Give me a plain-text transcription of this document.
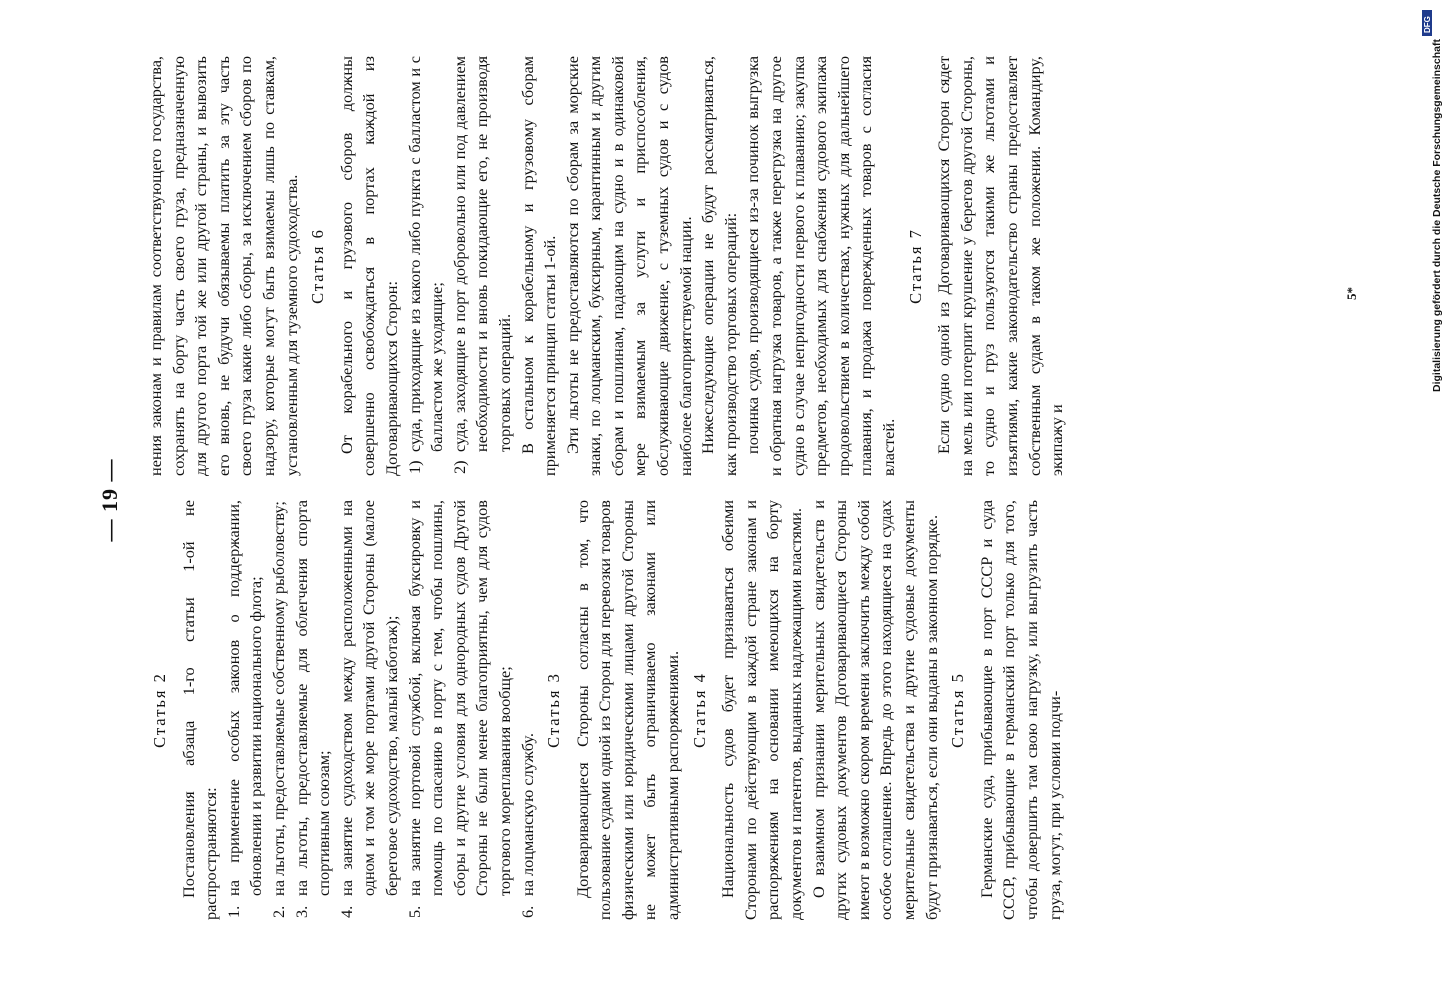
— 19 —
Статья 2 Постановления абзаца 1-го статьи 1-ой не распространяются: 1.на применение особых законов о поддержании, обновлении и развитии национального флота;

2.на льготы, предоставляемые собственному рыболовству;

3.на льготы, предоставляемые для облегчения спорта спортивным союзам;

4.на занятие судоходством между расположенными на одном и том же море портами другой Стороны (малое береговое судоходство, малый каботаж);

5.на занятие портовой службой, включая буксировку и помощь по спасанию в порту с тем, чтобы пошлины, сборы и другие условия для однородных судов Другой Стороны не были менее благоприятны, чем для судов торгового мореплавания вообще;

6.на лоцманскую службу.

Статья 3 Договаривающиеся Стороны согласны в том, что пользование судами одной из Сторон для перевозки товаров физическими или юридическими лицами другой Стороны не может быть ограничиваемо законами или административными распоряжениями. Статья 4 Национальность судов будет признаваться обеими Сторонами по действующим в каждой стране законам и распоряжениям на основании имеющихся на борту документов и патентов, выданных надлежащими властями. О взаимном признании мерительных свидетельств и других судовых документов Договаривающиеся Стороны имеют в возможно скором времени заключить между собой особое соглашение. Впредь до этого находящиеся на судах мерительные свидетельства и другие судовые документы будут признаваться, если они выданы в законном порядке. Статья 5 Германские суда, прибывающие в порт СССР и суда СССР, прибывающие в германский порт только для того, чтобы довершить там свою нагрузку, или выгрузить часть груза, могут, при условии подчи-

нения законам и правилам соответствующего государства, сохранять на борту часть своего груза, предназначенную для другого порта той же или другой страны, и вывозить его вновь, не будучи обязываемы платить за эту часть своего груза какие либо сборы, за исключением сборов по надзору, которые могут быть взимаемы лишь по ставкам, установленным для туземного судоходства. Статья 6 От корабельного и грузового сборов должны совершенно освобождаться в портах каждой из Договаривающихся Сторон: 1)суда, приходящие из какого либо пункта с балластом и с балластом же уходящие;

2)суда, заходящие в порт добровольно или под давлением необходимости и вновь покидающие его, не производя торговых операций. В остальном к корабельному и грузовому сборам применяется принцип статьи 1-ой. Эти льготы не предоставляются по сборам за морские знаки, по лоцманским, буксирным, карантинным и другим сборам и пошлинам, падающим на судно и в одинаковой мере взимаемым за услуги и приспособления, обслуживающие движение, с туземных судов и с судов наиболее благоприятствуемой нации. Нижеследующие операции не будут рассматриваться, как производство торговых операций: починка судов, производящиеся из-за починок выгрузка и обратная нагрузка товаров, а также перегрузка на другое судно в случае непригодности первого к плаванию; закупка предметов, необходимых для снабжения судового экипажа продовольствием в количествах, нужных для дальнейшего плавания, и продажа поврежденных товаров с согласия властей.

Статья 7 Если судно одной из Договаривающихся Сторон сядет на мель или потерпит крушение у берегов другой Стороны, то судно и груз пользуются такими же льготами и изъятиями, какие законодательство страны предоставляет собственным судам в таком же положении. Командиру, экипажу и

5*	Digitalisierung gefördert durch die Deutsche Forschungsgemeinschaft
DFG
